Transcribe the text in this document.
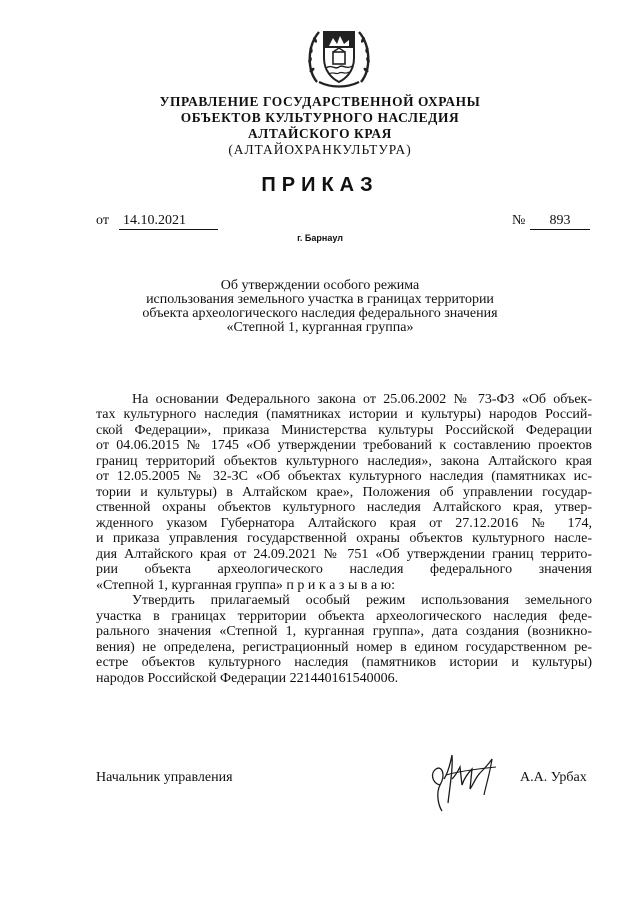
УПРАВЛЕНИЕ ГОСУДАРСТВЕННОЙ ОХРАНЫ
ОБЪЕКТОВ КУЛЬТУРНОГО НАСЛЕДИЯ
АЛТАЙСКОГО КРАЯ
(АЛТАЙОХРАНКУЛЬТУРА)
ПРИКАЗ
от 14.10.2021	№	893
г. Барнаул
Об утверждении особого режима
использования земельного участка в границах территории
объекта археологического наследия федерального значения
«Степной 1, курганная группа»
На основании Федерального закона от 25.06.2002 № 73-ФЗ «Об объек-
тах культурного наследия (памятниках истории и культуры) народов Россий-
ской Федерации», приказа Министерства культуры Российской Федерации
от 04.06.2015 № 1745 «Об утверждении требований к составлению проектов
границ территорий объектов культурного наследия», закона Алтайского края
от 12.05.2005 № 32-ЗС «Об объектах культурного наследия (памятниках ис-
тории и культуры) в Алтайском крае», Положения об управлении государ-
ственной охраны объектов культурного наследия Алтайского края, утвер-
жденного указом Губернатора Алтайского края от 27.12.2016 № 174,
и приказа управления государственной охраны объектов культурного насле-
дия Алтайского края от 24.09.2021 № 751 «Об утверждении границ террито-
рии объекта археологического наследия федерального значения
«Степной 1, курганная группа» п р и к а з ы в а ю:
Утвердить прилагаемый особый режим использования земельного
участка в границах территории объекта археологического наследия феде-
рального значения «Степной 1, курганная группа», дата создания (возникно-
вения) не определена, регистрационный номер в едином государственном ре-
естре объектов культурного наследия (памятников истории и культуры)
народов Российской Федерации 221440161540006.
Начальник управления	А.А. Урбах
